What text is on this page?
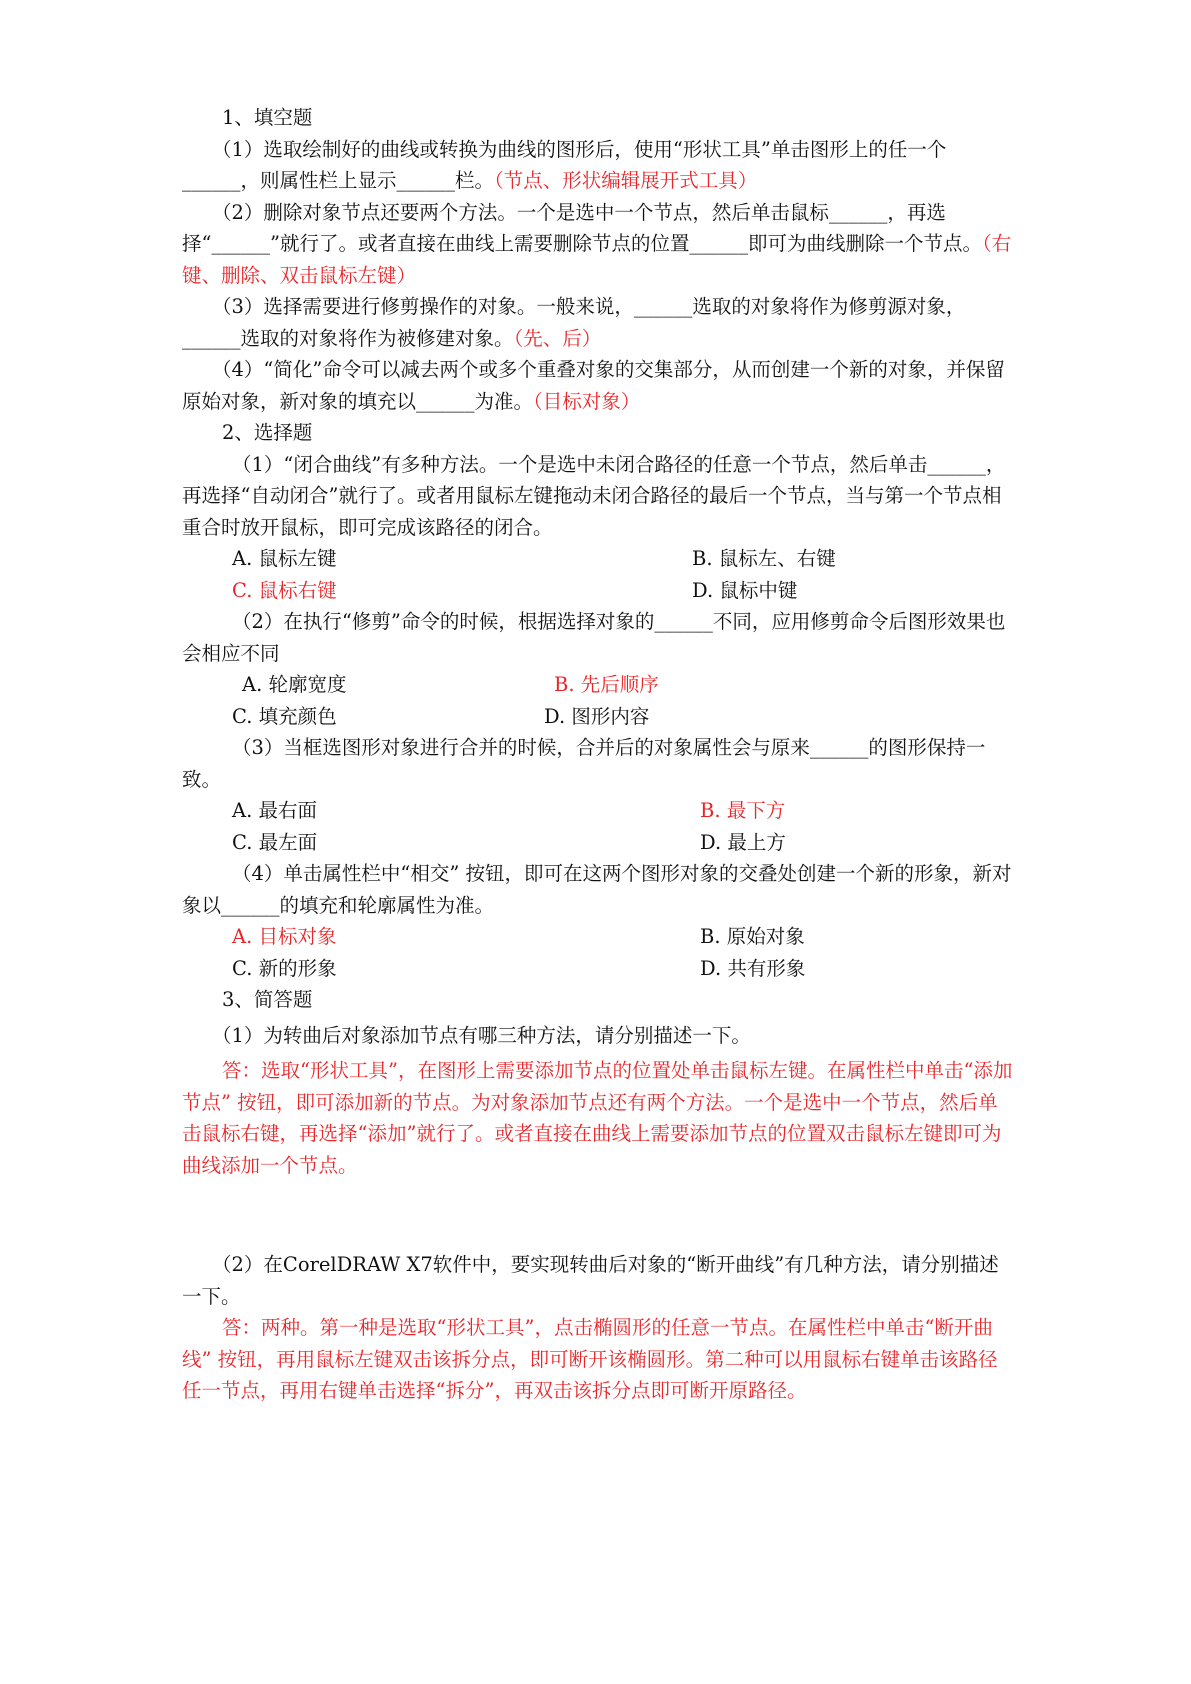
1、填空题

（1）选取绘制好的曲线或转换为曲线的图形后，使用“形状工具”单击图形上的任一个______，则属性栏上显示______栏。（节点、形状编辑展开式工具）

（2）删除对象节点还要两个方法。一个是选中一个节点，然后单击鼠标______，再选择“______”就行了。或者直接在曲线上需要删除节点的位置______即可为曲线删除一个节点。（右键、删除、双击鼠标左键）

（3）选择需要进行修剪操作的对象。一般来说，______选取的对象将作为修剪源对象，______选取的对象将作为被修建对象。（先、后）

（4）“简化”命令可以减去两个或多个重叠对象的交集部分，从而创建一个新的对象，并保留原始对象，新对象的填充以______为准。（目标对象）

2、选择题

（1）“闭合曲线”有多种方法。一个是选中未闭合路径的任意一个节点，然后单击______，再选择“自动闭合”就行了。或者用鼠标左键拖动未闭合路径的最后一个节点，当与第一个节点相重合时放开鼠标，即可完成该路径的闭合。

A. 鼠标左键	B. 鼠标左、右键
C. 鼠标右键	D. 鼠标中键

（2）在执行“修剪”命令的时候，根据选择对象的______不同，应用修剪命令后图形效果也会相应不同

A. 轮廓宽度	B. 先后顺序
C. 填充颜色	D. 图形内容

（3）当框选图形对象进行合并的时候，合并后的对象属性会与原来______的图形保持一致。

A. 最右面	B. 最下方
C. 最左面	D. 最上方

（4）单击属性栏中“相交” 按钮，即可在这两个图形对象的交叠处创建一个新的形象，新对象以______的填充和轮廓属性为准。

A. 目标对象	B. 原始对象
C. 新的形象	D. 共有形象

3、简答题

（1）为转曲后对象添加节点有哪三种方法，请分别描述一下。

答：选取“形状工具”，在图形上需要添加节点的位置处单击鼠标左键。在属性栏中单击“添加节点” 按钮，即可添加新的节点。为对象添加节点还有两个方法。一个是选中一个节点，然后单击鼠标右键，再选择“添加”就行了。或者直接在曲线上需要添加节点的位置双击鼠标左键即可为曲线添加一个节点。

（2）在CorelDRAW X7软件中，要实现转曲后对象的“断开曲线”有几种方法，请分别描述一下。

答：两种。第一种是选取“形状工具”，点击椭圆形的任意一节点。在属性栏中单击“断开曲线” 按钮，再用鼠标左键双击该拆分点，即可断开该椭圆形。第二种可以用鼠标右键单击该路径任一节点，再用右键单击选择“拆分”，再双击该拆分点即可断开原路径。
